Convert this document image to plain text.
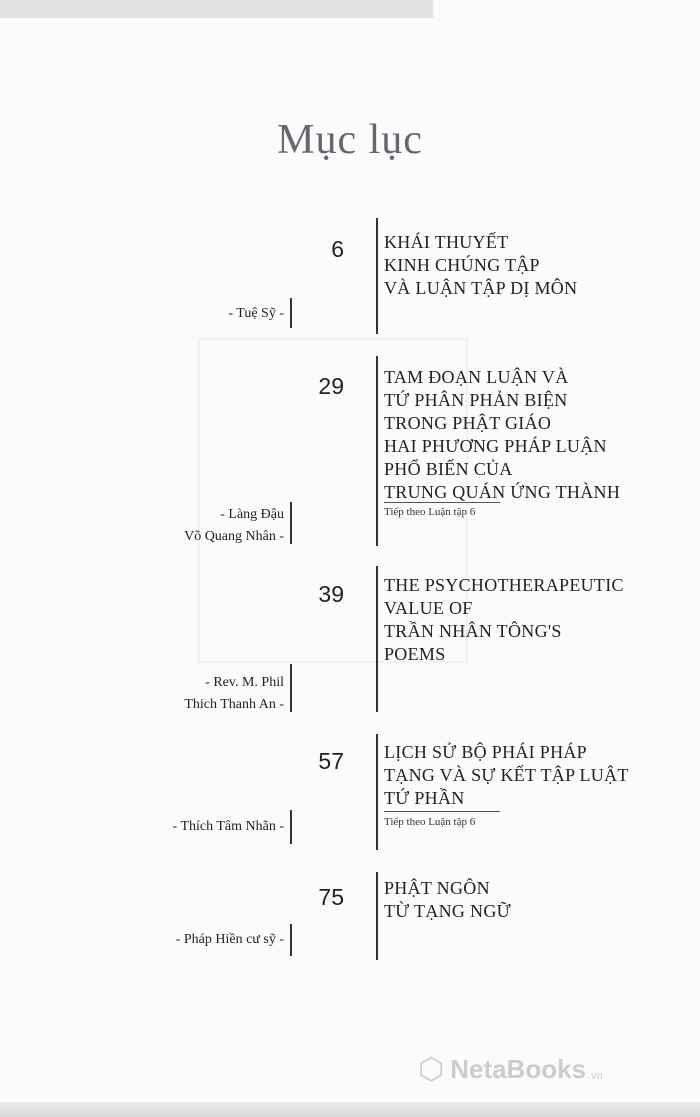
Mục lục
6 KHÁI THUYẾT
KINH CHÚNG TẬP
VÀ LUẬN TẬP DỊ MÔN
- Tuệ Sỹ -
29 TAM ĐOẠN LUẬN VÀ
TỨ PHÂN PHẢN BIỆN
TRONG PHẬT GIÁO
HAI PHƯƠNG PHÁP LUẬN
PHỔ BIẾN CỦA
TRUNG QUÁN ỨNG THÀNH
Tiếp theo Luận tập 6
- Làng Đậu
Võ Quang Nhân -
39 THE PSYCHOTHERAPEUTIC
VALUE OF
TRẦN NHÂN TÔNG'S
POEMS
- Rev. M. Phil
Thich Thanh An -
57 LỊCH SỬ BỘ PHÁI PHÁP
TẠNG VÀ SỰ KẾT TẬP LUẬT
TỨ PHẦN
Tiếp theo Luận tập 6
- Thích Tâm Nhãn -
75 PHẬT NGÔN
TỪ TẠNG NGỮ
- Pháp Hiền cư sỹ -
⬡ NetaBooks .vn
